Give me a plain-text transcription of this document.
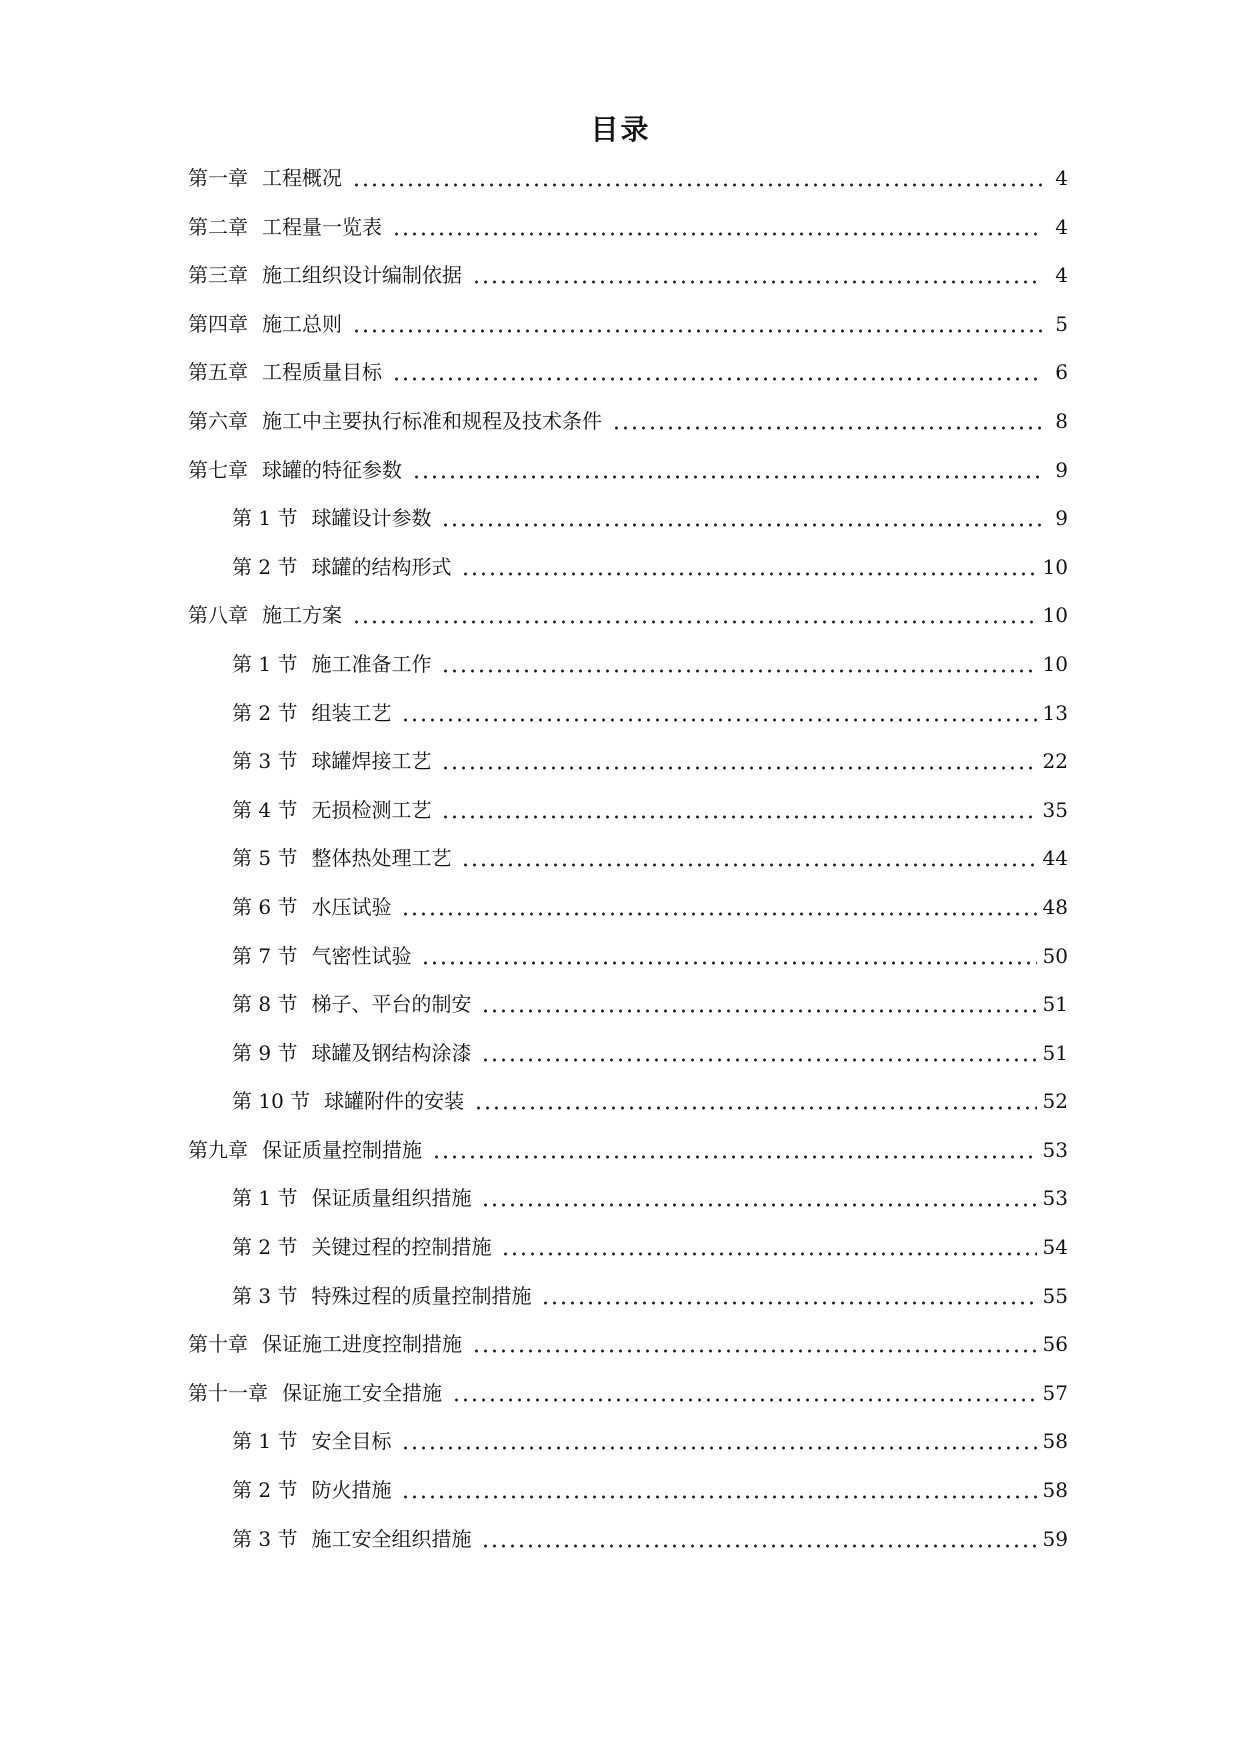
目录
第一章 工程概况	4
第二章 工程量一览表	4
第三章 施工组织设计编制依据	4
第四章 施工总则	5
第五章 工程质量目标	6
第六章 施工中主要执行标准和规程及技术条件	8
第七章 球罐的特征参数	9
第 1 节 球罐设计参数	9
第 2 节 球罐的结构形式	10
第八章 施工方案	10
第 1 节 施工准备工作	10
第 2 节 组装工艺	13
第 3 节 球罐焊接工艺	22
第 4 节 无损检测工艺	35
第 5 节 整体热处理工艺	44
第 6 节 水压试验	48
第 7 节 气密性试验	50
第 8 节 梯子、平台的制安	51
第 9 节 球罐及钢结构涂漆	51
第 10 节 球罐附件的安装	52
第九章 保证质量控制措施	53
第 1 节 保证质量组织措施	53
第 2 节 关键过程的控制措施	54
第 3 节 特殊过程的质量控制措施	55
第十章 保证施工进度控制措施	56
第十一章 保证施工安全措施	57
第 1 节 安全目标	58
第 2 节 防火措施	58
第 3 节 施工安全组织措施	59
